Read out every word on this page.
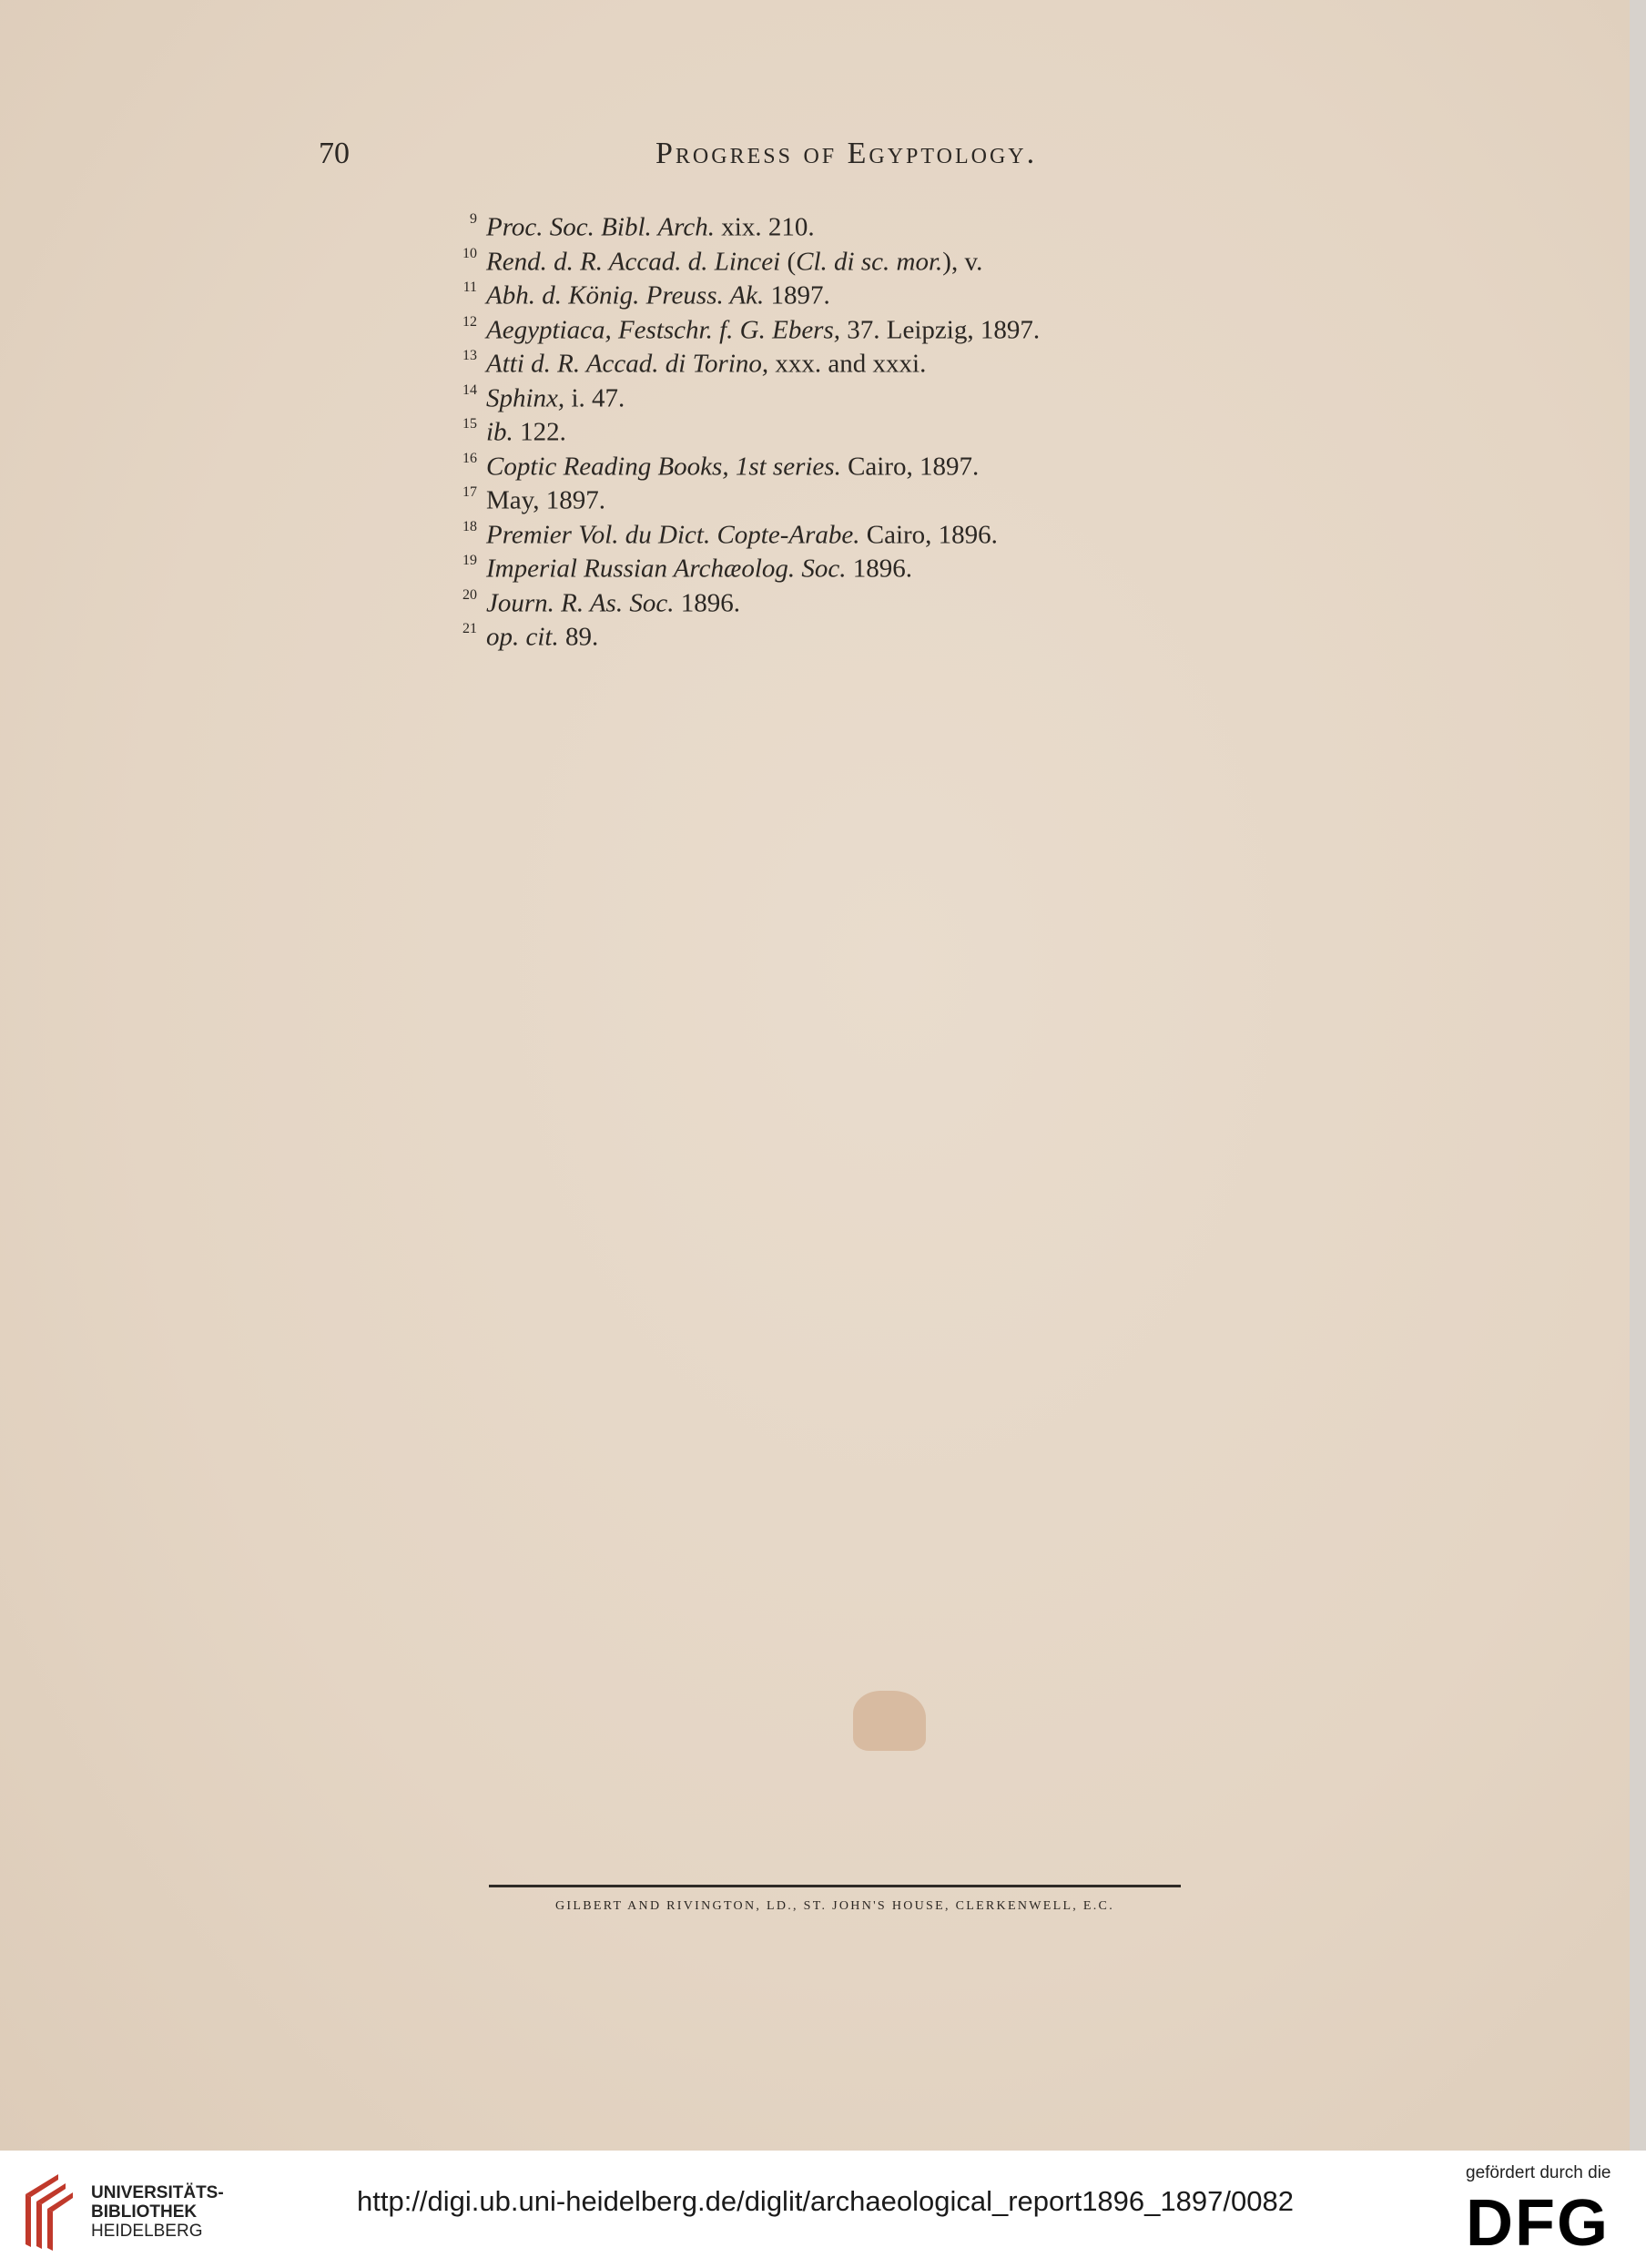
70	Progress of Egyptology.
$^9$ Proc. Soc. Bibl. Arch. xix. 210.
$^{10}$ Rend. d. R. Accad. d. Lincei (Cl. di sc. mor.), v.
$^{11}$ Abh. d. König. Preuss. Ak. 1897.
$^{12}$ Aegyptiaca, Festschr. f. G. Ebers, 37. Leipzig, 1897.
$^{13}$ Atti d. R. Accad. di Torino, xxx. and xxxi.
$^{14}$ Sphinx, i. 47.
$^{15}$ ib. 122.
$^{16}$ Coptic Reading Books, 1st series. Cairo, 1897.
$^{17}$ May, 1897.
$^{18}$ Premier Vol. du Dict. Copte-Arabe. Cairo, 1896.
$^{19}$ Imperial Russian Archæolog. Soc. 1896.
$^{20}$ Journ. R. As. Soc. 1896.
$^{21}$ op. cit. 89.
GILBERT AND RIVINGTON, LD., ST. JOHN'S HOUSE, CLERKENWELL, E.C.
UNIVERSITÄTS-
BIBLIOTHEK
HEIDELBERG
http://digi.ub.uni-heidelberg.de/diglit/archaeological_report1896_1897/0082
gefördert durch die
DFG
